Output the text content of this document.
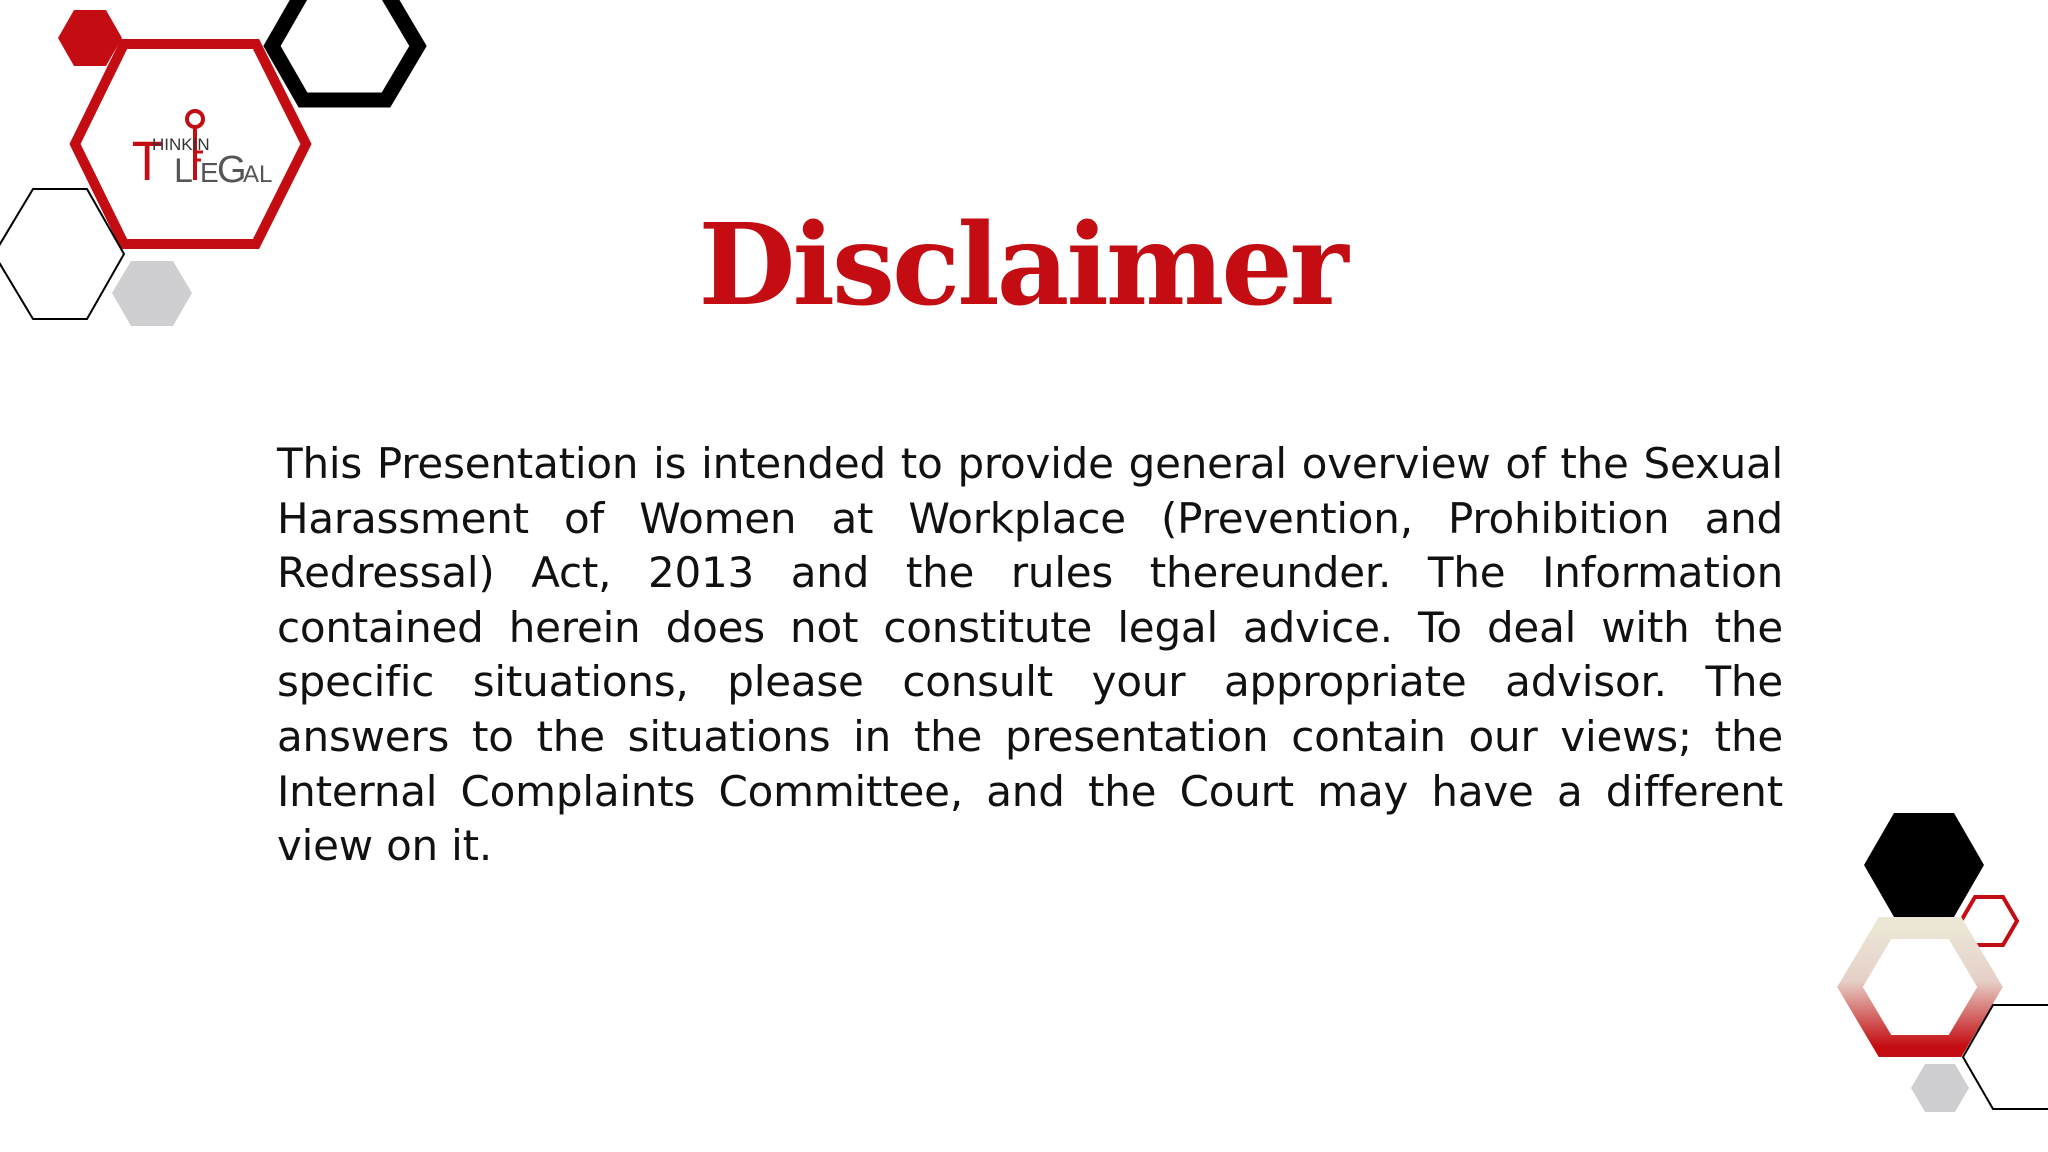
T
HINKIN
L E
G
AL
Disclaimer

This Presentation is intended to provide general overview of the Sexual Harassment of Women at Workplace (Prevention, Prohibition and Redressal) Act, 2013 and the rules thereunder. The Information contained herein does not constitute legal advice. To deal with the specific situations, please consult your appropriate advisor. The answers to the situations in the presentation contain our views; the Internal Complaints Committee, and the Court may have a different view on it.
